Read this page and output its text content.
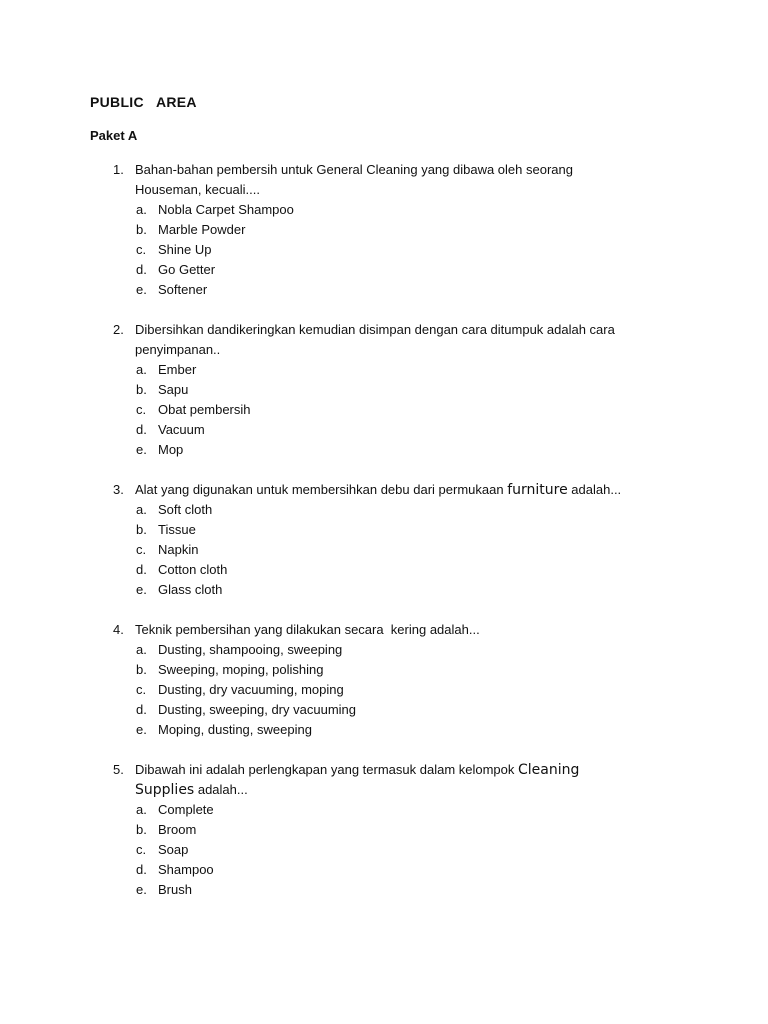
PUBLIC   AREA
Paket A
1. Bahan-bahan pembersih untuk General Cleaning yang dibawa oleh seorang Houseman, kecuali....
a. Nobla Carpet Shampoo
b. Marble Powder
c. Shine Up
d. Go Getter
e. Softener
2. Dibersihkan dandikeringkan kemudian disimpan dengan cara ditumpuk adalah cara penyimpanan..
a. Ember
b. Sapu
c. Obat pembersih
d. Vacuum
e. Mop
3. Alat yang digunakan untuk membersihkan debu dari permukaan furniture adalah...
a. Soft cloth
b. Tissue
c. Napkin
d. Cotton cloth
e. Glass cloth
4. Teknik pembersihan yang dilakukan secara  kering adalah...
a. Dusting, shampooing, sweeping
b. Sweeping, moping, polishing
c. Dusting, dry vacuuming, moping
d. Dusting, sweeping, dry vacuuming
e. Moping, dusting, sweeping
5. Dibawah ini adalah perlengkapan yang termasuk dalam kelompok Cleaning Supplies adalah...
a. Complete
b. Broom
c. Soap
d. Shampoo
e. Brush
